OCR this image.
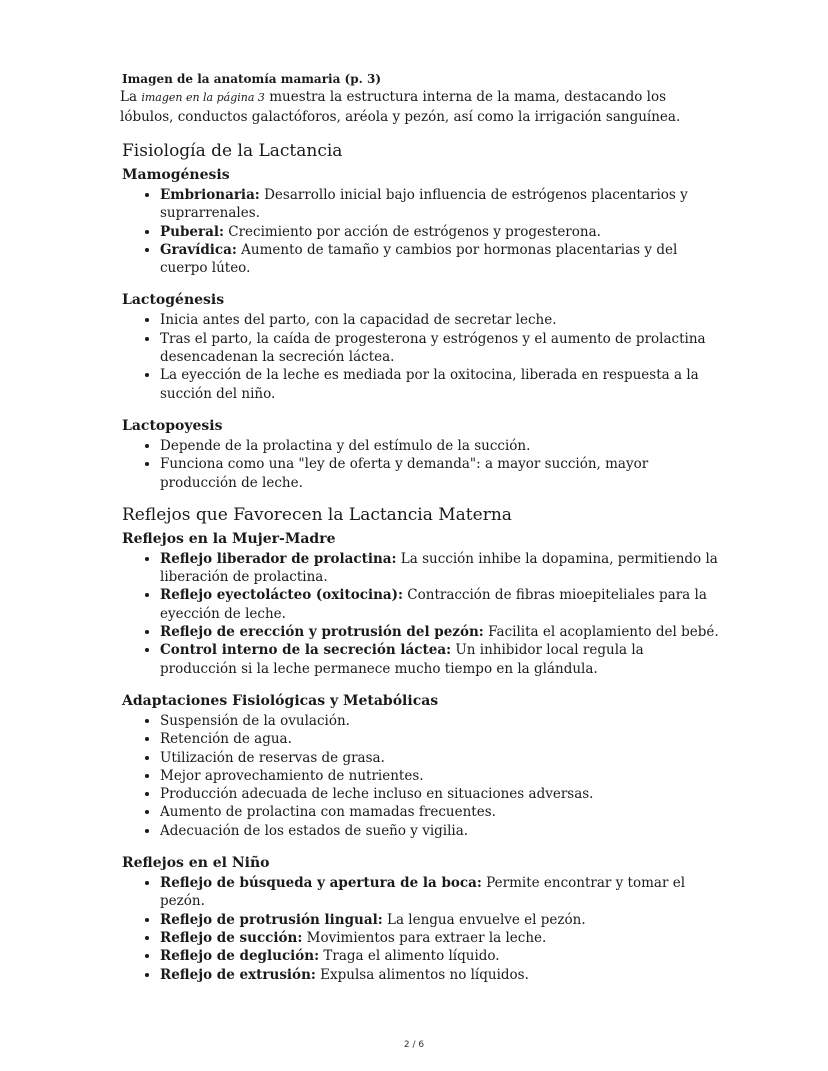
Imagen de la anatomía mamaria (p. 3)

La imagen en la página 3 muestra la estructura interna de la mama, destacando los lóbulos, conductos galactóforos, aréola y pezón, así como la irrigación sanguínea.

Fisiología de la Lactancia
Mamogénesis
• Embrionaria: Desarrollo inicial bajo influencia de estrógenos placentarios y suprarrenales.
• Puberal: Crecimiento por acción de estrógenos y progesterona.
• Gravídica: Aumento de tamaño y cambios por hormonas placentarias y del cuerpo lúteo.
Lactogénesis
• Inicia antes del parto, con la capacidad de secretar leche.
• Tras el parto, la caída de progesterona y estrógenos y el aumento de prolactina desencadenan la secreción láctea.
• La eyección de la leche es mediada por la oxitocina, liberada en respuesta a la succión del niño.
Lactopoyesis
• Depende de la prolactina y del estímulo de la succión.
• Funciona como una "ley de oferta y demanda": a mayor succión, mayor producción de leche.
Reflejos que Favorecen la Lactancia Materna
Reflejos en la Mujer-Madre
• Reflejo liberador de prolactina: La succión inhibe la dopamina, permitiendo la liberación de prolactina.
• Reflejo eyectolácteo (oxitocina): Contracción de fibras mioepiteliales para la eyección de leche.
• Reflejo de erección y protrusión del pezón: Facilita el acoplamiento del bebé.
• Control interno de la secreción láctea: Un inhibidor local regula la producción si la leche permanece mucho tiempo en la glándula.
Adaptaciones Fisiológicas y Metabólicas
• Suspensión de la ovulación.
• Retención de agua.
• Utilización de reservas de grasa.
• Mejor aprovechamiento de nutrientes.
• Producción adecuada de leche incluso en situaciones adversas.
• Aumento de prolactina con mamadas frecuentes.
• Adecuación de los estados de sueño y vigilia.
Reflejos en el Niño
• Reflejo de búsqueda y apertura de la boca: Permite encontrar y tomar el pezón.
• Reflejo de protrusión lingual: La lengua envuelve el pezón.
• Reflejo de succión: Movimientos para extraer la leche.
• Reflejo de deglución: Traga el alimento líquido.
• Reflejo de extrusión: Expulsa alimentos no líquidos.
2 / 6
